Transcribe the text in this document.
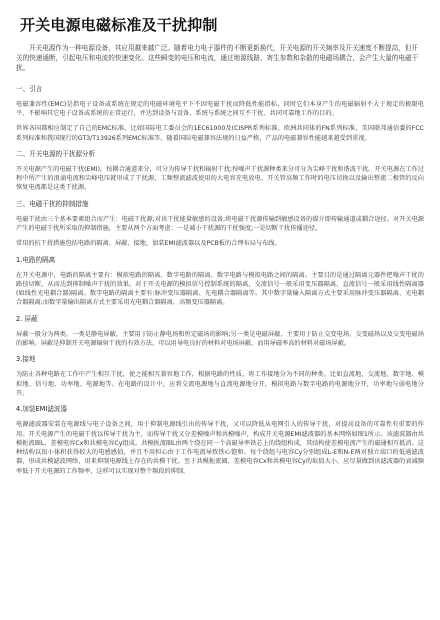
开关电源电磁标准及干扰抑制
开关电源作为一种电源设备，其应用越来越广泛。随着电力电子器件的不断更新换代，开关电源的开关频率及开关速度不断提高，但开关的快速通断，引起电压和电流的快速变化。这些瞬变的电压和电流，通过地源线路、寄生参数和杂散的电磁场耦合，会产生大量的电磁干扰。
一、引言
电磁兼容性(EMC)是指电子设备或系统在规定的电磁环境电平下不因电磁干扰而降低性能指标，同时它们本身产生的电磁辐射不大于规定的极限电平，不影响其它电子设备或系统的正常运行，并达到设备与设备、系统与系统之间互不干扰、共同可靠地工作的目的。
世界各国都相应制定了自己的EMC标准。比如国际电工委员会的1EC61000及(CISPR系列标准、欧洲共同体的FN系列标准、美国联邦通信委的FCC系列标准和我国现行的GT3/T13926系列EMC标准等。随着国际电磁兼容法规的日益严格，产品的电磁兼容性能越来越受到重视。
二、开关电源的干扰源分析
开关电源产生的电磁干扰(EMI)，按耦合通道来分，可分为传导干扰和辐射干扰;按噪声干扰源种类来分可分为尖峰干扰和谐波干扰。开关电源在工作过程中所产生的浪涌电流和尖峰电压就形成了干扰源，工频整流滤波使用的大电容充电放电、开关管高频工作时的电压切换以及输出整流二极管的反向恢复电流都是这类干扰源。
三、电磁干扰的抑制措施
电磁干扰由三个基本要素组合而产生：电磁干扰源;对该干扰能量敏感的设备;将电磁干扰源传输到敏感设备的媒介即传输通道或耦合途径。对开关电源产生的电磁干扰所采取的抑制措施，主要从两个方面考虑：一是减小干扰源的干扰强度;一是切断干扰传播途径。
常用的抗干扰措施包括电路的隔离、屏蔽、接地、加装EMI滤波器以及PCB板的合理布局与布线。
1.电路的隔离
在开关电源中，电路的隔离主要有：模拟电路的隔离、数字电路的隔离、数字电路与模拟电路之间的隔离。主要目的是通过隔离元器件把噪声干扰的路径切断，从而达到抑制噪声干扰的效果。对于开关电源的模拟信号控制系统的隔离，交流信号一般采用变压器隔离，直流信号一般采用线性隔离器(如线性光电耦合器)隔离。数字电路的隔离主要有:脉冲变压器隔离、光电耦合器隔离等。其中数字量输入隔离方式主要采用脉冲变压器隔离、光电耦合器隔离;而数字量输出隔离方式主要采用光电耦合器隔离、高频变压器隔离。
2. 屏蔽
屏蔽一般分为两类，一类是静电屏蔽，主要用于防止静电场和恒定磁场的影响;另一类是电磁屏蔽，主要用于防止交变电场、交变磁场以及交变电磁场的影响。屏蔽是抑制开关电源辐射干扰的有效方法，可以用导电良好的材料对电场屏蔽，而用导磁率高的材料对磁场屏蔽。
3.接地
为防止各种电路在工作中产生相互干扰，使之能相互兼容地工作，根据电路的性质，将工作接地分为不同的种类。比如直流地、交流地、数字地、模拟地、信号地、功率地、电源地等。在电路的设计中，应将交流电源地与直流电源地分开，模拟电路与数字电路的电源地分开，功率地与弱电地分开。
4.加装EMI滤波器
电源滤波器安装在电源线与电子设备之间，用于抑制电源线引出的传导干扰，又可以降低从电网引入的传导干扰，对提高设备的可靠性有重要的作用。开关电源产生的电磁干扰以传导干扰为主，而传导干扰又分差模噪声和共模噪声，构成开关电源EMI滤波器的基本网络如图1所示。该滤波器由共模扼流圈L、差模电容Cx和共模电容Cy组成。共模扼流圈L由两个绕在同一个高磁导率铁芯上的绕组构成，其结构使差模电流产生的磁通相互抵消。这种结构以很小体积获得较大的电感感值，并且不用担心由于工作电流导致铁心饱和。每个绕组与电容Cy分别组成L-E和N-E两对独立端口的低通滤波器，形成共模滤波网络，用来抑制电源线上存在的共模干扰。至于共模扼流圈、差模电容Cx和共模电容Cy的取值大小，应尽量做到该滤波器的衰减频率低于开关电源的工作频率，这样可以实现对整个频段的抑制。
